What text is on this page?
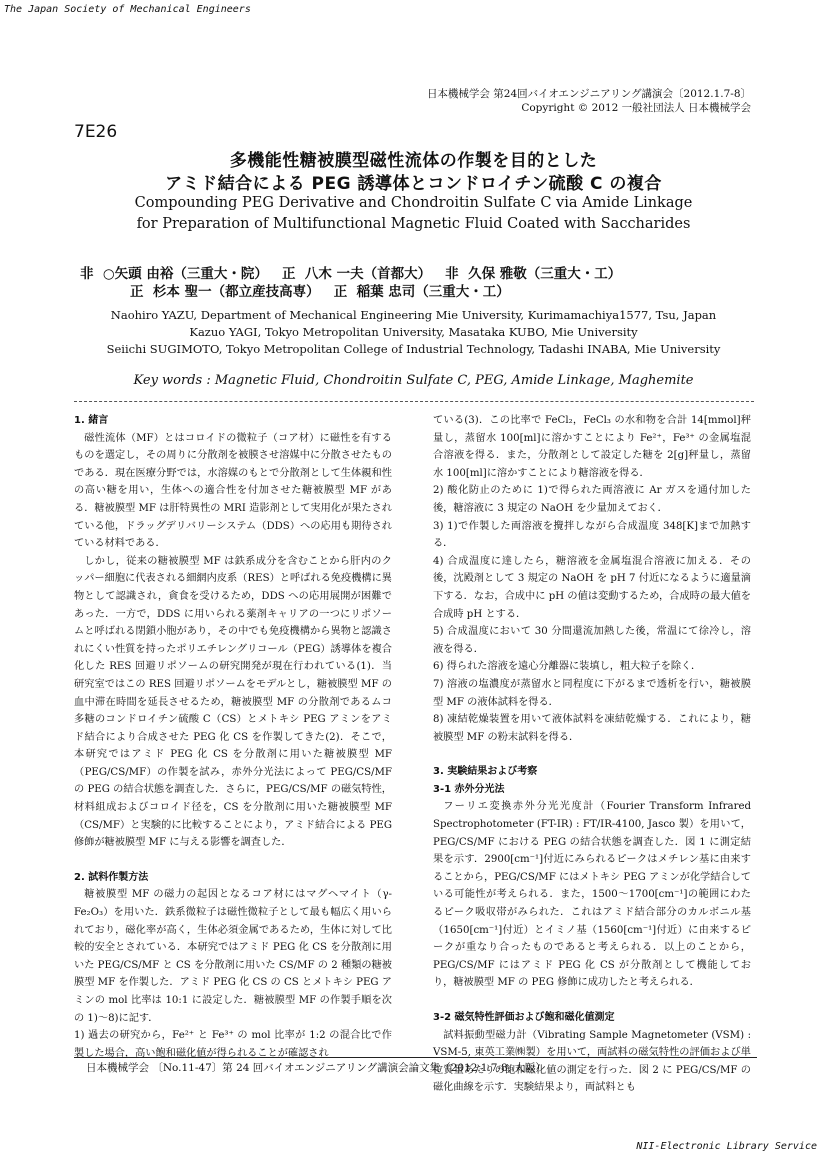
The Japan Society of Mechanical Engineers
日本機械学会 第24回バイオエンジニアリング講演会〔2012.1.7-8〕
Copyright © 2012 一般社団法人 日本機械学会
7E26
多機能性糖被膜型磁性流体の作製を目的とした
アミド結合による PEG 誘導体とコンドロイチン硫酸 C の複合
Compounding PEG Derivative and Chondroitin Sulfate C via Amide Linkage
for Preparation of Multifunctional Magnetic Fluid Coated with Saccharides
非  ○矢頭 由裕（三重大・院）   正  八木 一夫（首都大）   非  久保 雅敬（三重大・工）
正  杉本 聖一（都立産技高専）   正  稲葉 忠司（三重大・工）
Naohiro YAZU, Department of Mechanical Engineering Mie University, Kurimamachiya1577, Tsu, Japan
Kazuo YAGI, Tokyo Metropolitan University, Masataka KUBO, Mie University
Seiichi SUGIMOTO, Tokyo Metropolitan College of Industrial Technology, Tadashi INABA, Mie University
Key words : Magnetic Fluid, Chondroitin Sulfate C, PEG, Amide Linkage, Maghemite
1. 緒言

磁性流体（MF）とはコロイドの微粒子（コア材）に磁性を有するものを選定し，その周りに分散剤を被膜させ溶媒中に分散させたものである．現在医療分野では，水溶媒のもとで分散剤として生体親和性の高い糖を用い，生体への適合性を付加させた糖被膜型 MF がある．糖被膜型 MF は肝特異性の MRI 造影剤として実用化が果たされている他，ドラッグデリバリーシステム（DDS）への応用も期待されている材料である．

しかし，従来の糖被膜型 MF は鉄系成分を含むことから肝内のクッパー細胞に代表される細網内皮系（RES）と呼ばれる免疫機構に異物として認識され，貪食を受けるため，DDS への応用展開が困難であった．一方で，DDS に用いられる薬剤キャリアの一つにリポソームと呼ばれる閉鎖小胞があり，その中でも免疫機構から異物と認識されにくい性質を持ったポリエチレングリコール（PEG）誘導体を複合化した RES 回避リポソームの研究開発が現在行われている(1)．当研究室ではこの RES 回避リポソームをモデルとし，糖被膜型 MF の血中滞在時間を延長させるため，糖被膜型 MF の分散剤であるムコ多糖のコンドロイチン硫酸 C（CS）とメトキシ PEG アミンをアミド結合により合成させた PEG 化 CS を作製してきた(2)．そこで，本研究ではアミド PEG 化 CS を分散剤に用いた糖被膜型 MF（PEG/CS/MF）の作製を試み，赤外分光法によって PEG/CS/MF の PEG の結合状態を調査した．さらに，PEG/CS/MF の磁気特性，材料組成およびコロイド径を，CS を分散剤に用いた糖被膜型 MF（CS/MF）と実験的に比較することにより，アミド結合による PEG 修飾が糖被膜型 MF に与える影響を調査した．

2. 試料作製方法

糖被膜型 MF の磁力の起因となるコア材にはマグヘマイト（γ-Fe₂O₃）を用いた．鉄系微粒子は磁性微粒子として最も幅広く用いられており，磁化率が高く，生体必須金属であるため，生体に対して比較的安全とされている．本研究ではアミド PEG 化 CS を分散剤に用いた PEG/CS/MF と CS を分散剤に用いた CS/MF の 2 種類の糖被膜型 MF を作製した．アミド PEG 化 CS の CS とメトキシ PEG アミンの mol 比率は 10:1 に設定した．糖被膜型 MF の作製手順を次の 1)〜8)に記す．

1) 過去の研究から，Fe²⁺ と Fe³⁺ の mol 比率が 1:2 の混合比で作製した場合，高い飽和磁化値が得られることが確認され

ている(3)．この比率で FeCl₂，FeCl₃ の水和物を合計 14[mmol]秤量し，蒸留水 100[ml]に溶かすことにより Fe²⁺，Fe³⁺ の金属塩混合溶液を得る．また，分散剤として設定した糖を 2[g]秤量し，蒸留水 100[ml]に溶かすことにより糖溶液を得る．

2) 酸化防止のために 1)で得られた両溶液に Ar ガスを通付加した後，糖溶液に 3 規定の NaOH を少量加えておく．

3) 1)で作製した両溶液を攪拌しながら合成温度 348[K]まで加熱する．

4) 合成温度に達したら，糖溶液を金属塩混合溶液に加える．その後，沈殿剤として 3 規定の NaOH を pH 7 付近になるように適量滴下する．なお，合成中に pH の値は変動するため，合成時の最大値を合成時 pH とする．

5) 合成温度において 30 分間還流加熱した後，常温にて徐冷し，溶液を得る．

6) 得られた溶液を遠心分離器に装填し，粗大粒子を除く．

7) 溶液の塩濃度が蒸留水と同程度に下がるまで透析を行い，糖被膜型 MF の液体試料を得る．

8) 凍結乾燥装置を用いて液体試料を凍結乾燥する．これにより，糖被膜型 MF の粉末試料を得る．

3. 実験結果および考察
3-1 赤外分光法

フーリエ変換赤外分光光度計（Fourier Transform Infrared Spectrophotometer (FT-IR) : FT/IR-4100, Jasco 製）を用いて，PEG/CS/MF における PEG の結合状態を調査した．図 1 に測定結果を示す．2900[cm⁻¹]付近にみられるピークはメチレン基に由来することから，PEG/CS/MF にはメトキシ PEG アミンが化学結合している可能性が考えられる．また，1500〜1700[cm⁻¹]の範囲にわたるピーク吸収帯がみられた．これはアミド結合部分のカルボニル基（1650[cm⁻¹]付近）とイミノ基（1560[cm⁻¹]付近）に由来するピークが重なり合ったものであると考えられる．以上のことから，PEG/CS/MF にはアミド PEG 化 CS が分散剤として機能しており，糖被膜型 MF の PEG 修飾に成功したと考えられる．

3-2 磁気特性評価および飽和磁化値測定

試料振動型磁力計（Vibrating Sample Magnetometer (VSM) : VSM-5, 東英工業㈱製）を用いて，両試料の磁気特性の評価および単位質量あたりの飽和磁化値の測定を行った．図 2 に PEG/CS/MF の磁化曲線を示す．実験結果より，両試料とも

日本機械学会 〔No.11-47〕第 24 回バイオエンジニアリング講演会論文集（2012.1.7-8, 大阪）
NII-Electronic Library Service
